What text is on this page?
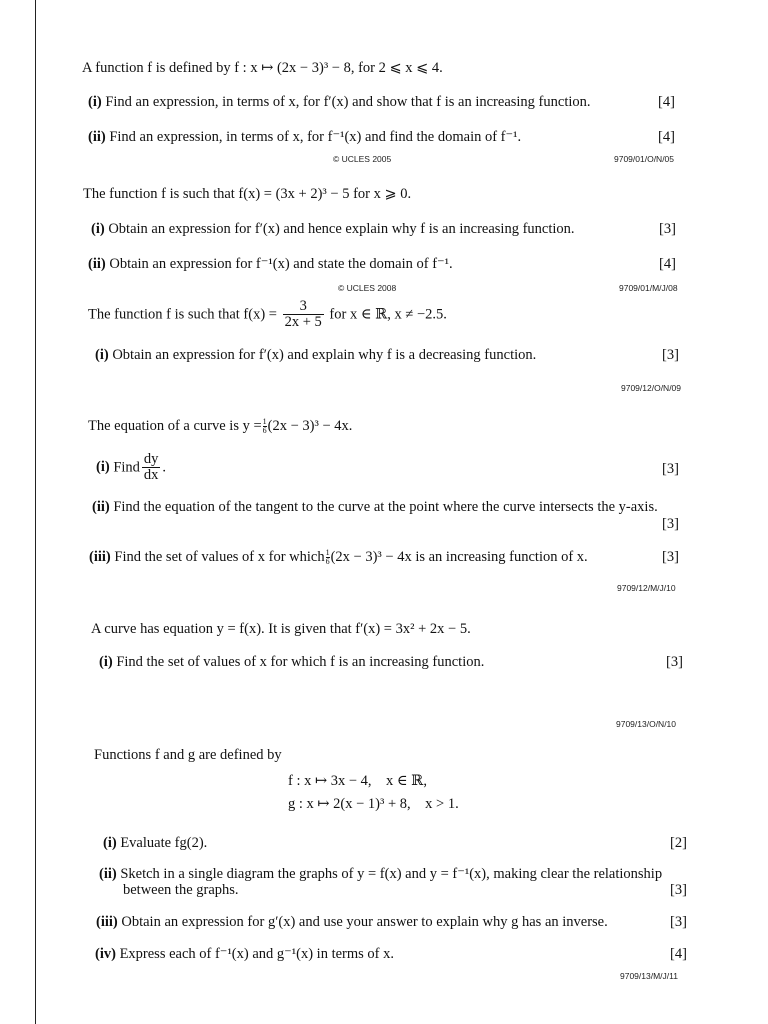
A function f is defined by f : x ↦ (2x − 3)³ − 8, for 2 ⩽ x ⩽ 4.
(i) Find an expression, in terms of x, for f′(x) and show that f is an increasing function.	[4]
(ii) Find an expression, in terms of x, for f⁻¹(x) and find the domain of f⁻¹.	[4]
© UCLES 2005	9709/01/O/N/05
The function f is such that f(x) = (3x + 2)³ − 5 for x ⩾ 0.
(i) Obtain an expression for f′(x) and hence explain why f is an increasing function.	[3]
(ii) Obtain an expression for f⁻¹(x) and state the domain of f⁻¹.	[4]
© UCLES 2008	9709/01/M/J/08
The function f is such that $f(x) = \frac{3}{2x + 5}$ for x ∈ ℝ, x ≠ −2.5.
(i) Obtain an expression for f′(x) and explain why f is a decreasing function.	[3]
9709/12/O/N/09
The equation of a curve is $y = \frac{1}{6} (2x - 3)^3 - 4x$.
(i) Find $\frac{dy}{dx}$ .	[3]
(ii) Find the equation of the tangent to the curve at the point where the curve intersects the y-axis.
[3]
(iii) Find the set of values of x for which $\frac{1}{6} (2x - 3)^3 - 4x$ is an increasing function of x.	[3]
9709/12/M/J/10
A curve has equation y = f(x). It is given that f′(x) = 3x² + 2x − 5.
(i) Find the set of values of x for which f is an increasing function.	[3]
9709/13/O/N/10
Functions f and g are defined by
f : x ↦ 3x − 4,    x ∈ ℝ,
g : x ↦ 2(x − 1)³ + 8,    x > 1.
(i) Evaluate fg(2).	[2]
(ii) Sketch in a single diagram the graphs of y = f(x) and y = f⁻¹(x), making clear the relationship
between the graphs.	[3]
(iii) Obtain an expression for g′(x) and use your answer to explain why g has an inverse.	[3]
(iv) Express each of f⁻¹(x) and g⁻¹(x) in terms of x.	[4]
9709/13/M/J/11
